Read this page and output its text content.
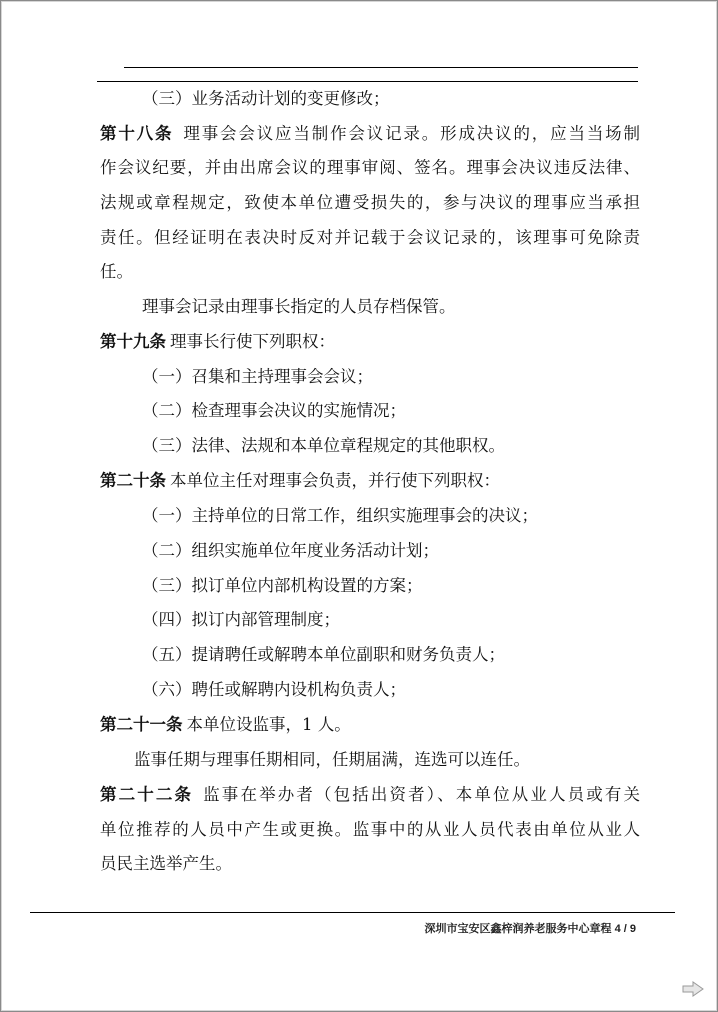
（三）业务活动计划的变更修改；
第十八条 理事会会议应当制作会议记录。形成决议的，应当当场制
作会议纪要，并由出席会议的理事审阅、签名。理事会决议违反法律、
法规或章程规定，致使本单位遭受损失的，参与决议的理事应当承担
责任。但经证明在表决时反对并记载于会议记录的，该理事可免除责
任。
理事会记录由理事长指定的人员存档保管。
第十九条 理事长行使下列职权：
（一）召集和主持理事会会议；
（二）检查理事会决议的实施情况；
（三）法律、法规和本单位章程规定的其他职权。
第二十条 本单位主任对理事会负责，并行使下列职权：
（一）主持单位的日常工作，组织实施理事会的决议；
（二）组织实施单位年度业务活动计划；
（三）拟订单位内部机构设置的方案；
（四）拟订内部管理制度；
（五）提请聘任或解聘本单位副职和财务负责人；
（六）聘任或解聘内设机构负责人；
第二十一条 本单位设监事，1 人。
监事任期与理事任期相同，任期届满，连选可以连任。
第二十二条 监事在举办者（包括出资者）、本单位从业人员或有关
单位推荐的人员中产生或更换。监事中的从业人员代表由单位从业人
员民主选举产生。
深圳市宝安区鑫梓润养老服务中心章程 4 / 9
